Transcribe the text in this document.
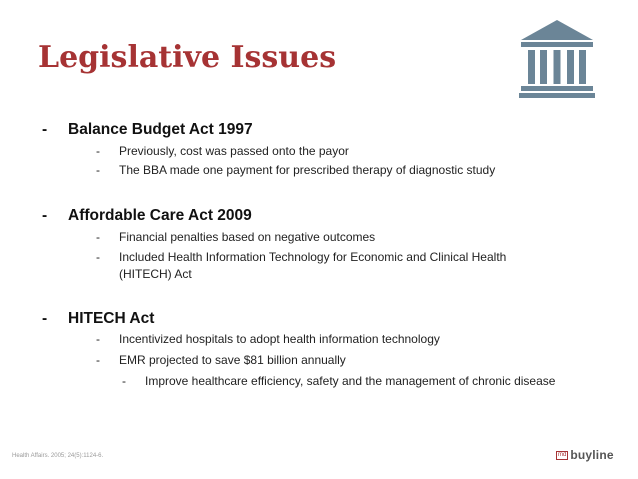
Legislative Issues
- Balance Budget Act 1997
- Previously, cost was passed onto the payor
- The BBA made one payment for prescribed therapy of diagnostic study
- Affordable Care Act 2009
- Financial penalties based on negative outcomes
- Included Health Information Technology for Economic and Clinical Health (HITECH) Act
- HITECH Act
- Incentivized hospitals to adopt health information technology
- EMR projected to save $81 billion annually
- Improve healthcare efficiency, safety and the management of chronic disease
Health Affairs. 2005; 24(5):1124-6.	md buyline
